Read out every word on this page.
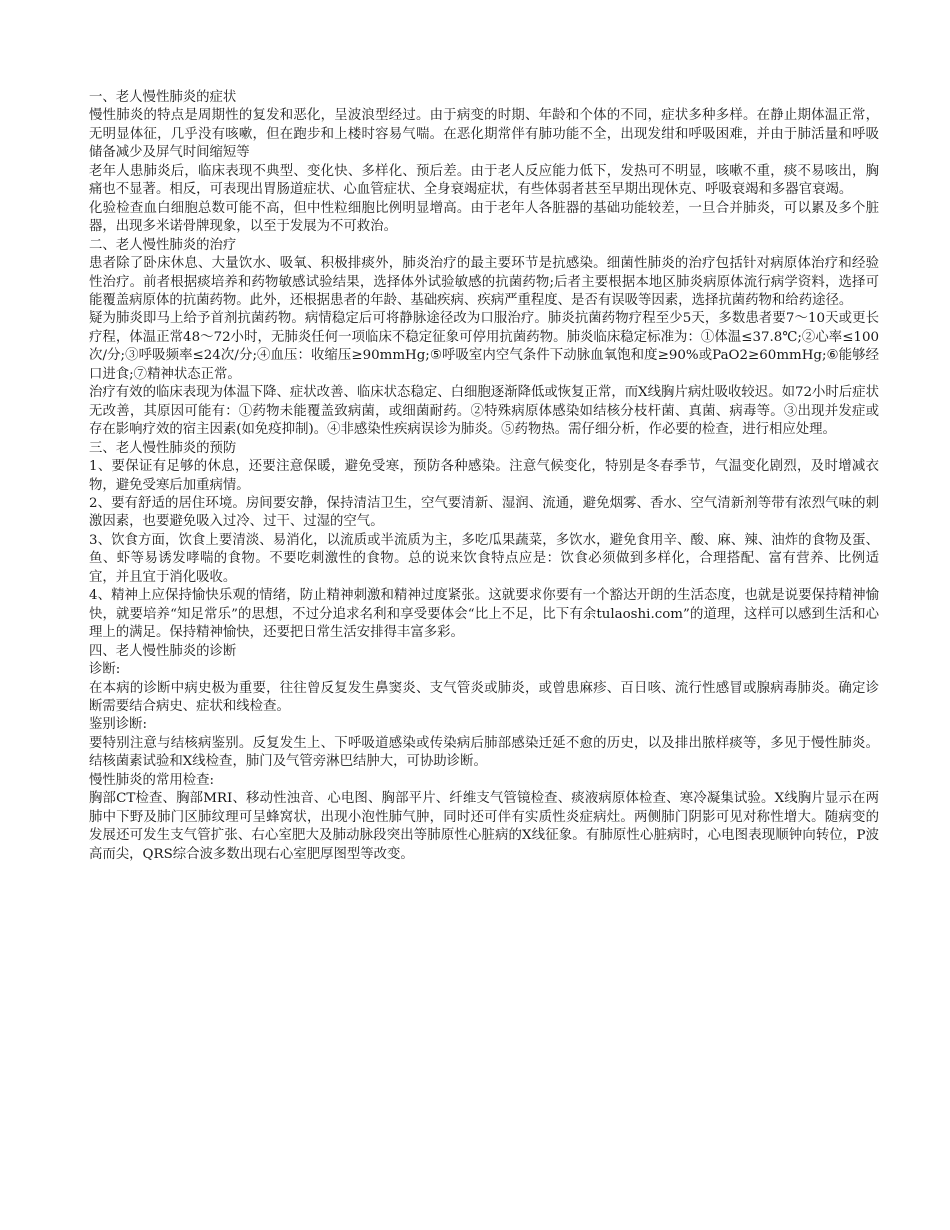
一、老人慢性肺炎的症状

慢性肺炎的特点是周期性的复发和恶化，呈波浪型经过。由于病变的时期、年龄和个体的不同，症状多种多样。在静止期体温正常，无明显体征，几乎没有咳嗽，但在跑步和上楼时容易气喘。在恶化期常伴有肺功能不全，出现发绀和呼吸困难，并由于肺活量和呼吸储备减少及屏气时间缩短等

老年人患肺炎后，临床表现不典型、变化快、多样化、预后差。由于老人反应能力低下，发热可不明显，咳嗽不重，痰不易咳出，胸痛也不显著。相反，可表现出胃肠道症状、心血管症状、全身衰竭症状，有些体弱者甚至早期出现休克、呼吸衰竭和多器官衰竭。

化验检查血白细胞总数可能不高，但中性粒细胞比例明显增高。由于老年人各脏器的基础功能较差，一旦合并肺炎，可以累及多个脏器，出现多米诺骨牌现象，以至于发展为不可救治。

二、老人慢性肺炎的治疗

患者除了卧床休息、大量饮水、吸氧、积极排痰外，肺炎治疗的最主要环节是抗感染。细菌性肺炎的治疗包括针对病原体治疗和经验性治疗。前者根据痰培养和药物敏感试验结果，选择体外试验敏感的抗菌药物;后者主要根据本地区肺炎病原体流行病学资料，选择可能覆盖病原体的抗菌药物。此外，还根据患者的年龄、基础疾病、疾病严重程度、是否有误吸等因素，选择抗菌药物和给药途径。

疑为肺炎即马上给予首剂抗菌药物。病情稳定后可将静脉途径改为口服治疗。肺炎抗菌药物疗程至少5天，多数患者要7～10天或更长疗程，体温正常48～72小时，无肺炎任何一项临床不稳定征象可停用抗菌药物。肺炎临床稳定标准为：①体温≤37.8℃;②心率≤100次/分;③呼吸频率≤24次/分;④血压：收缩压≥90mmHg;⑤呼吸室内空气条件下动脉血氧饱和度≥90%或PaO2≥60mmHg;⑥能够经口进食;⑦精神状态正常。

治疗有效的临床表现为体温下降、症状改善、临床状态稳定、白细胞逐渐降低或恢复正常，而X线胸片病灶吸收较迟。如72小时后症状无改善，其原因可能有：①药物未能覆盖致病菌，或细菌耐药。②特殊病原体感染如结核分枝杆菌、真菌、病毒等。③出现并发症或存在影响疗效的宿主因素(如免疫抑制)。④非感染性疾病误诊为肺炎。⑤药物热。需仔细分析，作必要的检查，进行相应处理。

三、老人慢性肺炎的预防

1、要保证有足够的休息，还要注意保暖，避免受寒，预防各种感染。注意气候变化，特别是冬春季节，气温变化剧烈，及时增减衣物，避免受寒后加重病情。

2、要有舒适的居住环境。房间要安静，保持清洁卫生，空气要清新、湿润、流通，避免烟雾、香水、空气清新剂等带有浓烈气味的刺激因素，也要避免吸入过冷、过干、过湿的空气。

3、饮食方面，饮食上要清淡、易消化，以流质或半流质为主，多吃瓜果蔬菜，多饮水，避免食用辛、酸、麻、辣、油炸的食物及蛋、鱼、虾等易诱发哮喘的食物。不要吃刺激性的食物。总的说来饮食特点应是：饮食必须做到多样化，合理搭配、富有营养、比例适宜，并且宜于消化吸收。

4、精神上应保持愉快乐观的情绪，防止精神刺激和精神过度紧张。这就要求你要有一个豁达开朗的生活态度，也就是说要保持精神愉快，就要培养“知足常乐”的思想，不过分追求名利和享受要体会“比上不足，比下有余tulaoshi.com”的道理，这样可以感到生活和心理上的满足。保持精神愉快，还要把日常生活安排得丰富多彩。

四、老人慢性肺炎的诊断

诊断:

在本病的诊断中病史极为重要，往往曾反复发生鼻窦炎、支气管炎或肺炎，或曾患麻疹、百日咳、流行性感冒或腺病毒肺炎。确定诊断需要结合病史、症状和线检查。

鉴别诊断:

要特别注意与结核病鉴别。反复发生上、下呼吸道感染或传染病后肺部感染迁延不愈的历史，以及排出脓样痰等，多见于慢性肺炎。结核菌素试验和X线检查，肺门及气管旁淋巴结肿大，可协助诊断。

慢性肺炎的常用检查:

胸部CT检查、胸部MRI、移动性浊音、心电图、胸部平片、纤维支气管镜检查、痰液病原体检查、寒冷凝集试验。X线胸片显示在两肺中下野及肺门区肺纹理可呈蜂窝状，出现小泡性肺气肿，同时还可伴有实质性炎症病灶。两侧肺门阴影可见对称性增大。随病变的发展还可发生支气管扩张、右心室肥大及肺动脉段突出等肺原性心脏病的X线征象。有肺原性心脏病时，心电图表现顺钟向转位，P波高而尖，QRS综合波多数出现右心室肥厚图型等改变。
